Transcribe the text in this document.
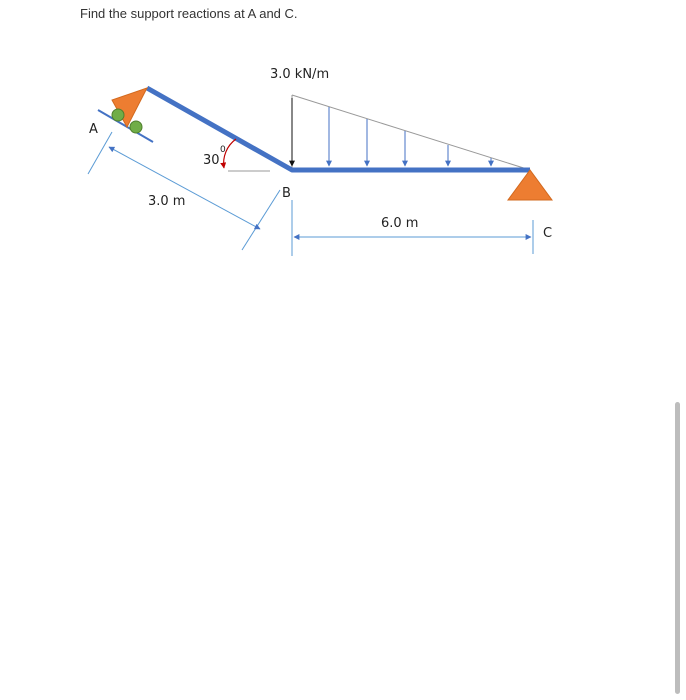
Find the support reactions at A and C.
3.0 kN/m
A
C
B
30
0
3.0 m
6.0 m
